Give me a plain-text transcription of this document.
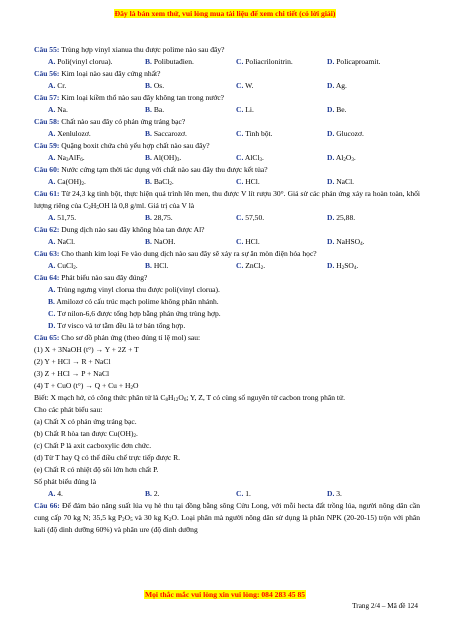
Đây là bản xem thử, vui lòng mua tài liệu để xem chi tiết (có lời giải)
Câu 55: Trùng hợp vinyl xianua thu được polime nào sau đây?
A. Poli(vinyl clorua).	B. Polibutađien.	C. Poliacrilonitrin.	D. Policaproamit.
Câu 56: Kim loại nào sau đây cứng nhất?
A. Cr.	B. Os.	C. W.	D. Ag.
Câu 57: Kim loại kiềm thổ nào sau đây không tan trong nước?
A. Na.	B. Ba.	C. Li.	D. Be.
Câu 58: Chất nào sau đây có phản ứng tráng bạc?
A. Xenlulozơ.	B. Saccarozơ.	C. Tinh bột.	D. Glucozơ.
Câu 59: Quặng boxit chứa chủ yếu hợp chất nào sau đây?
A. $Na_3AlF_6$.	B. $Al(OH)_3$.	C. AlCl$_3$.	D. $Al_2O_3$.
Câu 60: Nước cứng tạm thời tác dụng với chất nào sau đây thu được kết tủa?
A. $Ca(OH)_2$.	B. BaCl$_2$.	C. HCl.	D. NaCl.
Câu 61: Từ 24,3 kg tinh bột, thực hiện quá trình lên men, thu được V lít rượu 30°. Giả sử các phản ứng xảy ra hoàn toàn, khối lượng riêng của $C_2H_5OH$ là 0,8 g/ml. Giá trị của V là
A. 51,75.	B. 28,75.	C. 57,50.	D. 25,88.
Câu 62: Dung dịch nào sau đây không hòa tan được Al?
A. NaCl.	B. NaOH.	C. HCl.	D. NaHSO$_4$.
Câu 63: Cho thanh kim loại Fe vào dung dịch nào sau đây sẽ xảy ra sự ăn mòn điện hóa học?
A. CuCl$_2$.	B. HCl.	C. ZnCl$_2$.	D. $H_2SO_4$.
Câu 64: Phát biểu nào sau đây đúng?
A. Trùng ngưng vinyl clorua thu được poli(vinyl clorua).
B. Amilozơ có cấu trúc mạch polime không phân nhánh.
C. Tơ nilon-6,6 được tổng hợp bằng phản ứng trùng hợp.
D. Tơ visco và tơ tằm đều là tơ bán tổng hợp.
Câu 65: Cho sơ đồ phản ứng (theo đúng tỉ lệ mol) sau:
(1) X + 3NaOH (t°) → Y + 2Z + T
(2) Y + HCl → R + NaCl
(3) Z + HCl → P + NaCl
(4) T + CuO $(t^\circ) \to Q + Cu + H_2O$
Biết: X mạch hở, có công thức phân tử là $C_8H_{12}O_6$; Y, Z, T có cùng số nguyên tử cacbon trong phân tử.
Cho các phát biểu sau:
(a) Chất X có phản ứng tráng bạc.
(b) Chất R hòa tan được $Cu(OH)_2$.
(c) Chất P là axit cacboxylic đơn chức.
(d) Từ T hay Q có thể điều chế trực tiếp được R.
(e) Chất R có nhiệt độ sôi lớn hơn chất P.
Số phát biểu đúng là
A. 4.	B. 2.	C. 1.	D. 3.
Câu 66: Để đảm bảo năng suất lúa vụ hè thu tại đồng bằng sông Cửu Long, với mỗi hecta đất trồng lúa, người nông dân cần cung cấp 70 kg N; 35,5 kg $P_2O_5$ và 30 kg $K_2O$. Loại phân mà người nông dân sử dụng là phân NPK (20-20-15) trộn với phân kali (độ dinh dưỡng 60%) và phân ure (độ dinh dưỡng
Mọi thắc mắc vui lòng xin vui lòng: 084 283 45 85
Trang 2/4 – Mã đề 124
